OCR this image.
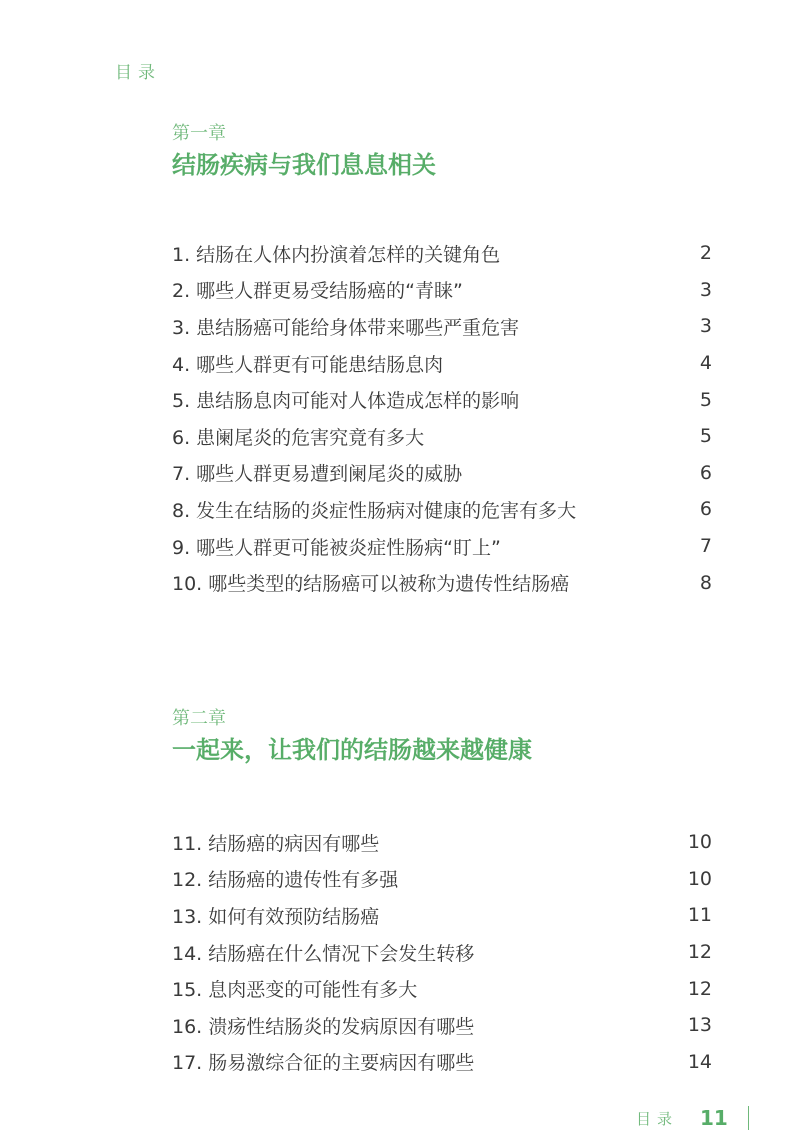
目录
第一章
结肠疾病与我们息息相关
1. 结肠在人体内扮演着怎样的关键角色	2
2. 哪些人群更易受结肠癌的“青睐”	3
3. 患结肠癌可能给身体带来哪些严重危害	3
4. 哪些人群更有可能患结肠息肉	4
5. 患结肠息肉可能对人体造成怎样的影响	5
6. 患阑尾炎的危害究竟有多大	5
7. 哪些人群更易遭到阑尾炎的威胁	6
8. 发生在结肠的炎症性肠病对健康的危害有多大	6
9. 哪些人群更可能被炎症性肠病“盯上”	7
10. 哪些类型的结肠癌可以被称为遗传性结肠癌	8
第二章
一起来，让我们的结肠越来越健康
11. 结肠癌的病因有哪些	10
12. 结肠癌的遗传性有多强	10
13. 如何有效预防结肠癌	11
14. 结肠癌在什么情况下会发生转移	12
15. 息肉恶变的可能性有多大	12
16. 溃疡性结肠炎的发病原因有哪些	13
17. 肠易激综合征的主要病因有哪些	14
目录 11
